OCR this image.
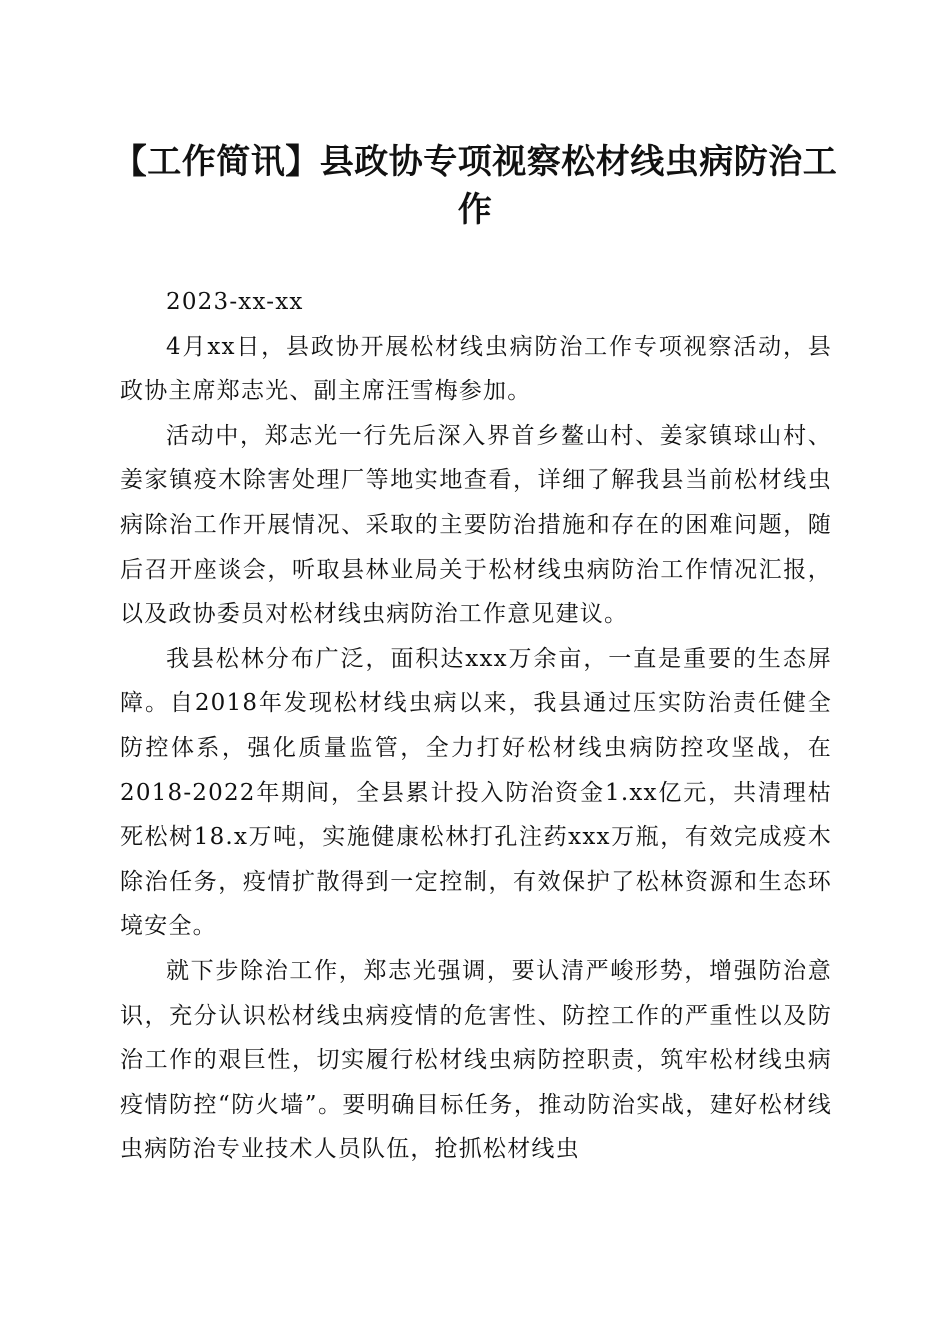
【工作简讯】县政协专项视察松材线虫病防治工作

2023-xx-xx

4月xx日，县政协开展松材线虫病防治工作专项视察活动，县政协主席郑志光、副主席汪雪梅参加。

活动中，郑志光一行先后深入界首乡鳌山村、姜家镇球山村、姜家镇疫木除害处理厂等地实地查看，详细了解我县当前松材线虫病除治工作开展情况、采取的主要防治措施和存在的困难问题，随后召开座谈会，听取县林业局关于松材线虫病防治工作情况汇报，以及政协委员对松材线虫病防治工作意见建议。

我县松林分布广泛，面积达xxx万余亩，一直是重要的生态屏障。自2018年发现松材线虫病以来，我县通过压实防治责任健全防控体系，强化质量监管，全力打好松材线虫病防控攻坚战，在2018-2022年期间，全县累计投入防治资金1.xx亿元，共清理枯死松树18.x万吨，实施健康松林打孔注药xxx万瓶，有效完成疫木除治任务，疫情扩散得到一定控制，有效保护了松林资源和生态环境安全。

就下步除治工作，郑志光强调，要认清严峻形势，增强防治意识，充分认识松材线虫病疫情的危害性、防控工作的严重性以及防治工作的艰巨性，切实履行松材线虫病防控职责，筑牢松材线虫病疫情防控“防火墙”。要明确目标任务，推动防治实战，建好松材线虫病防治专业技术人员队伍，抢抓松材线虫
